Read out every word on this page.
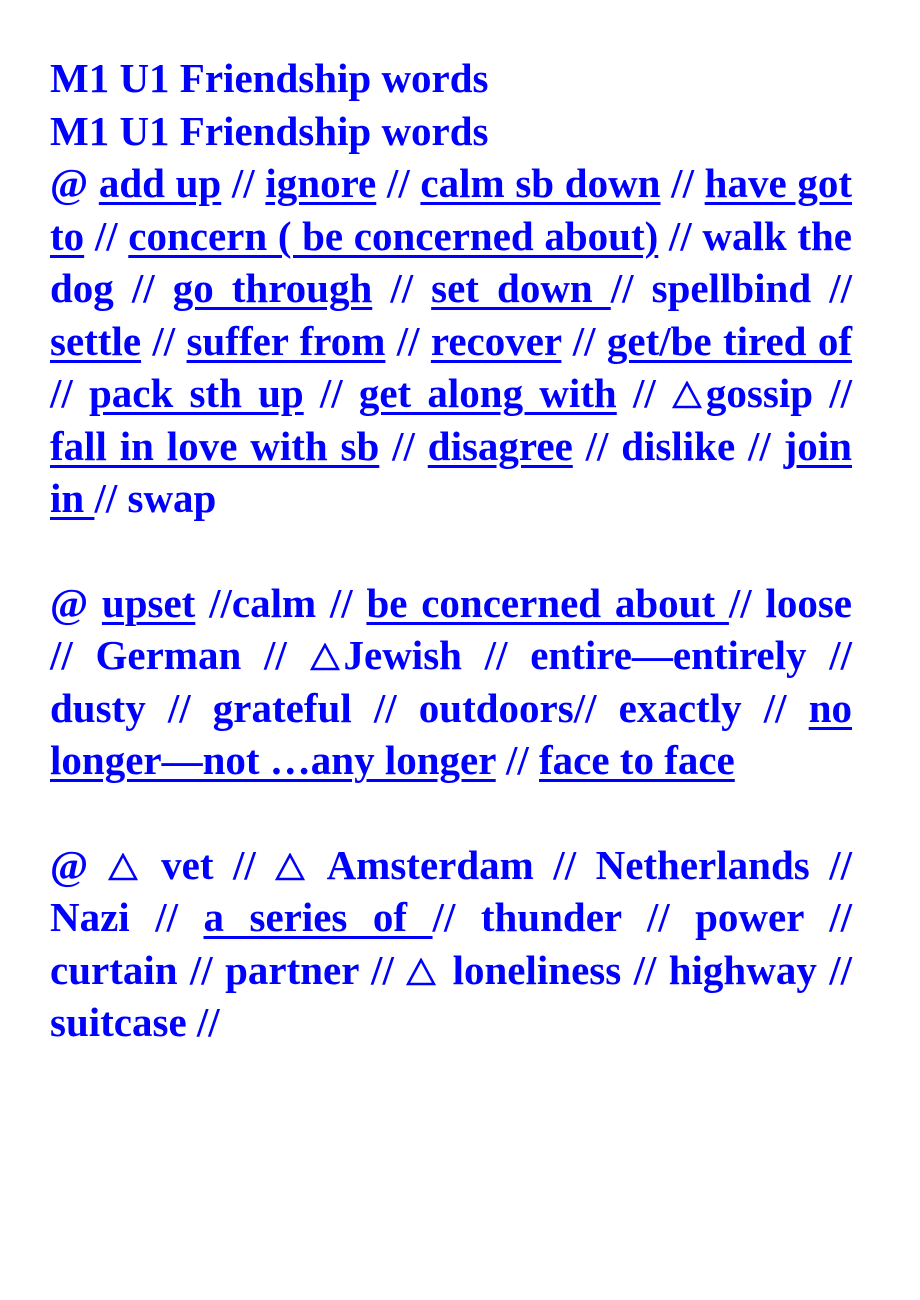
M1 U1 Friendship words
M1 U1 Friendship words
@ add up // ignore // calm sb down // have got to // concern ( be concerned about) // walk the dog // go through // set down // spellbind // settle // suffer from // recover // get/be tired of // pack sth up // get along with //
gossip // fall in love with sb // disagree // dislike // join in // swap
@ upset //calm // be concerned about // loose // German //
Jewish // entire—entirely // dusty // grateful // outdoors// exactly // no longer—not …any longer // face to face
@
vet //
Amsterdam // Netherlands // Nazi // a series of // thunder // power // curtain // partner //
loneliness // highway // suitcase //
